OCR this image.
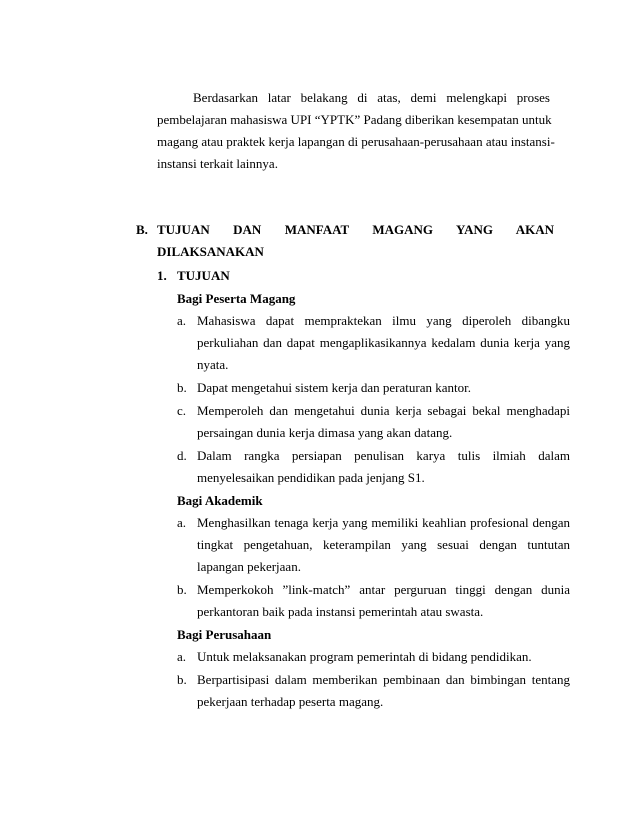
Berdasarkan latar belakang di atas, demi melengkapi proses
pembelajaran mahasiswa UPI “YPTK” Padang diberikan kesempatan untuk
magang atau praktek kerja lapangan di perusahaan-perusahaan atau instansi-
instansi terkait lainnya.
B. TUJUAN DAN MANFAAT MAGANG YANG AKAN
DILAKSANAKAN
1. TUJUAN
Bagi Peserta Magang
a. Mahasiswa dapat mempraktekan ilmu yang diperoleh dibangku
perkuliahan dan dapat mengaplikasikannya kedalam dunia kerja yang
nyata.
b. Dapat mengetahui sistem kerja dan peraturan kantor.
c. Memperoleh dan mengetahui dunia kerja sebagai bekal menghadapi
persaingan dunia kerja dimasa yang akan datang.
d. Dalam rangka persiapan penulisan karya tulis ilmiah dalam
menyelesaikan pendidikan pada jenjang S1.
Bagi Akademik
a. Menghasilkan tenaga kerja yang memiliki keahlian profesional dengan
tingkat pengetahuan, keterampilan yang sesuai dengan tuntutan
lapangan pekerjaan.
b. Memperkokoh ”link-match” antar perguruan tinggi dengan dunia
perkantoran baik pada instansi pemerintah atau swasta.
Bagi Perusahaan
a. Untuk melaksanakan program pemerintah di bidang pendidikan.
b. Berpartisipasi dalam memberikan pembinaan dan bimbingan tentang
pekerjaan terhadap peserta magang.
